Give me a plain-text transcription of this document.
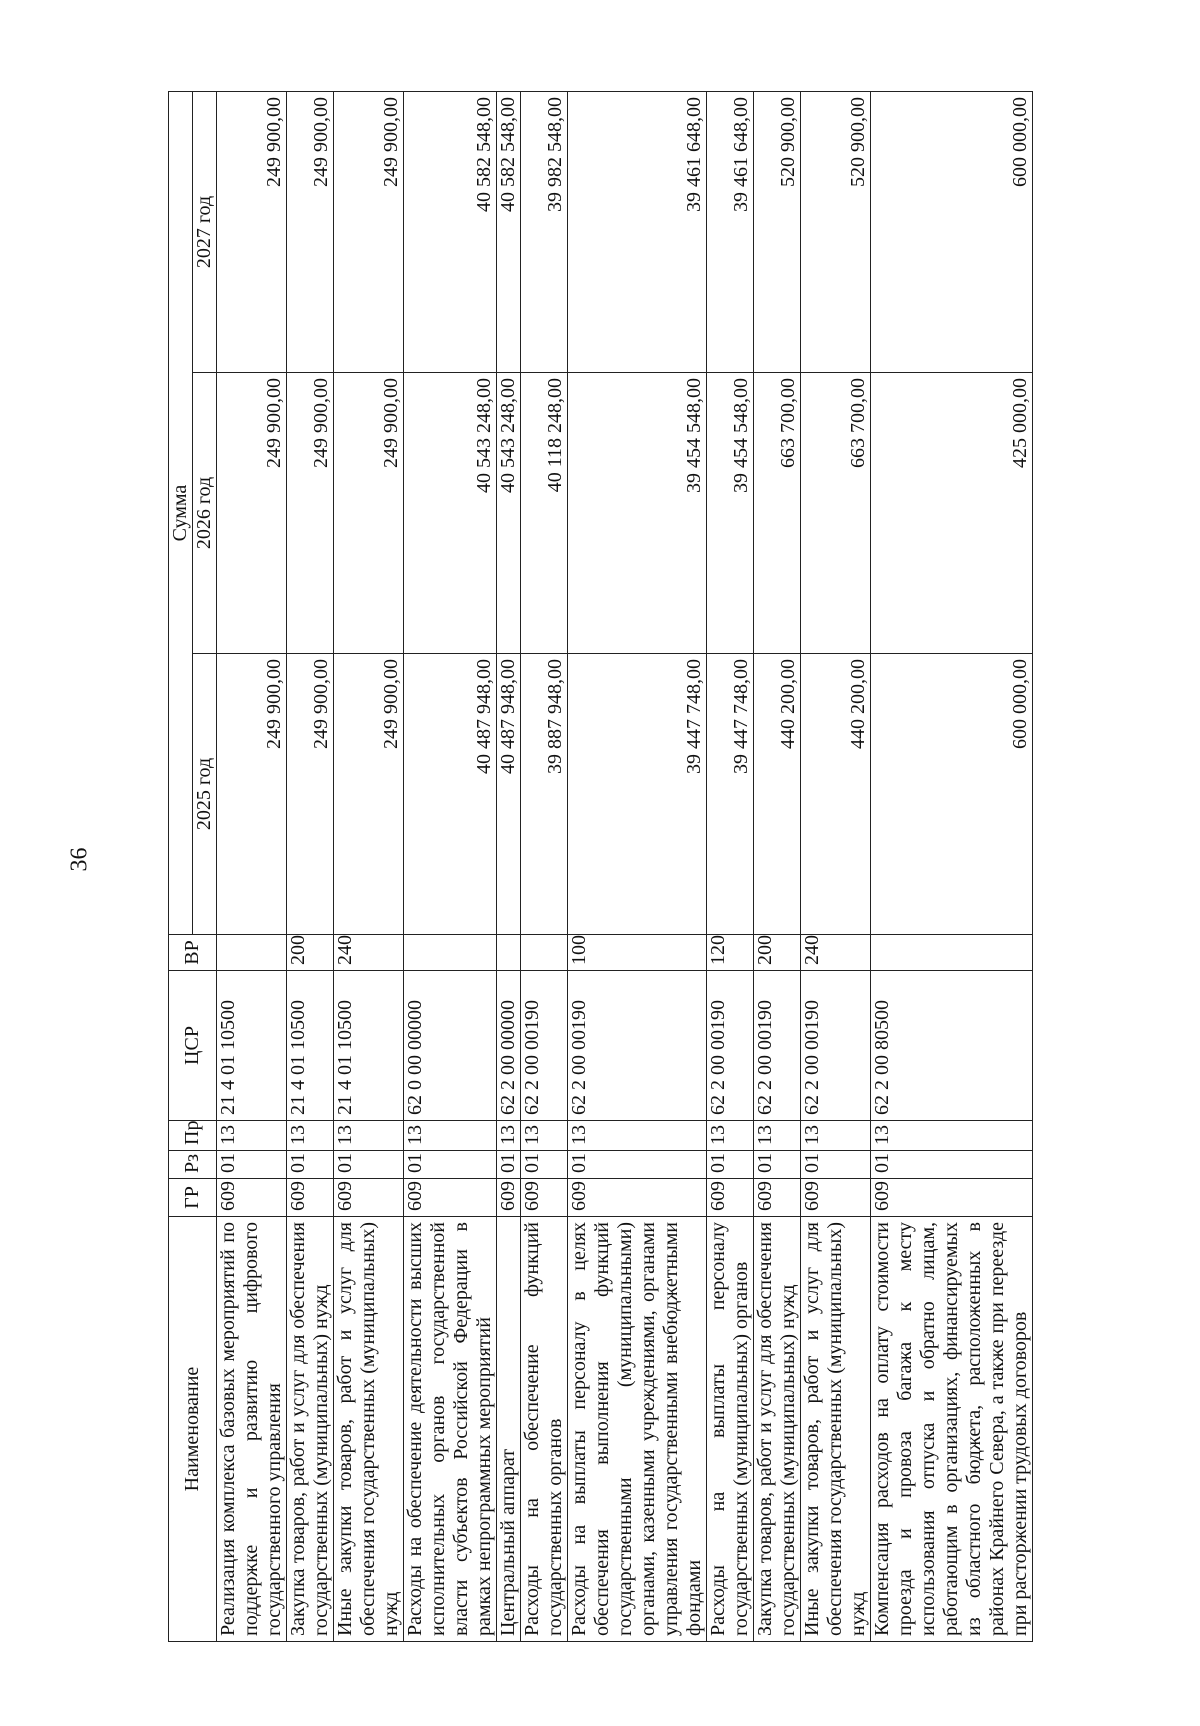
36
Наименование	ГР	Рз	Пр	ЦСР	ВР	Сумма		
						2025 год	2026 год	2027 год
Реализация комплекса базовых мероприятий по поддержке и развитию цифрового государственного управления	609	01	13	21 4 01 10500		249 900,00	249 900,00	249 900,00
Закупка товаров, работ и услуг для обеспечения государственных (муниципальных) нужд	609	01	13	21 4 01 10500	200	249 900,00	249 900,00	249 900,00
Иные закупки товаров, работ и услуг для обеспечения государственных (муниципальных) нужд	609	01	13	21 4 01 10500	240	249 900,00	249 900,00	249 900,00
Расходы на обеспечение деятельности высших исполнительных органов государственной власти субъектов Российской Федерации в рамках непрограммных мероприятий	609	01	13	62 0 00 00000		40 487 948,00	40 543 248,00	40 582 548,00
Центральный аппарат	609	01	13	62 2 00 00000		40 487 948,00	40 543 248,00	40 582 548,00
Расходы на обеспечение функций государственных органов	609	01	13	62 2 00 00190		39 887 948,00	40 118 248,00	39 982 548,00
Расходы на выплаты персоналу в целях обеспечения выполнения функций государственными (муниципальными) органами, казенными учреждениями, органами управления государственными внебюджетными фондами	609	01	13	62 2 00 00190	100	39 447 748,00	39 454 548,00	39 461 648,00
Расходы на выплаты персоналу государственных (муниципальных) органов	609	01	13	62 2 00 00190	120	39 447 748,00	39 454 548,00	39 461 648,00
Закупка товаров, работ и услуг для обеспечения государственных (муниципальных) нужд	609	01	13	62 2 00 00190	200	440 200,00	663 700,00	520 900,00
Иные закупки товаров, работ и услуг для обеспечения государственных (муниципальных) нужд	609	01	13	62 2 00 00190	240	440 200,00	663 700,00	520 900,00
Компенсация расходов на оплату стоимости проезда и провоза багажа к месту использования отпуска и обратно лицам, работающим в организациях, финансируемых из областного бюджета, расположенных в районах Крайнего Севера, а также при переезде при расторжении трудовых договоров	609	01	13	62 2 00 80500		600 000,00	425 000,00	600 000,00
